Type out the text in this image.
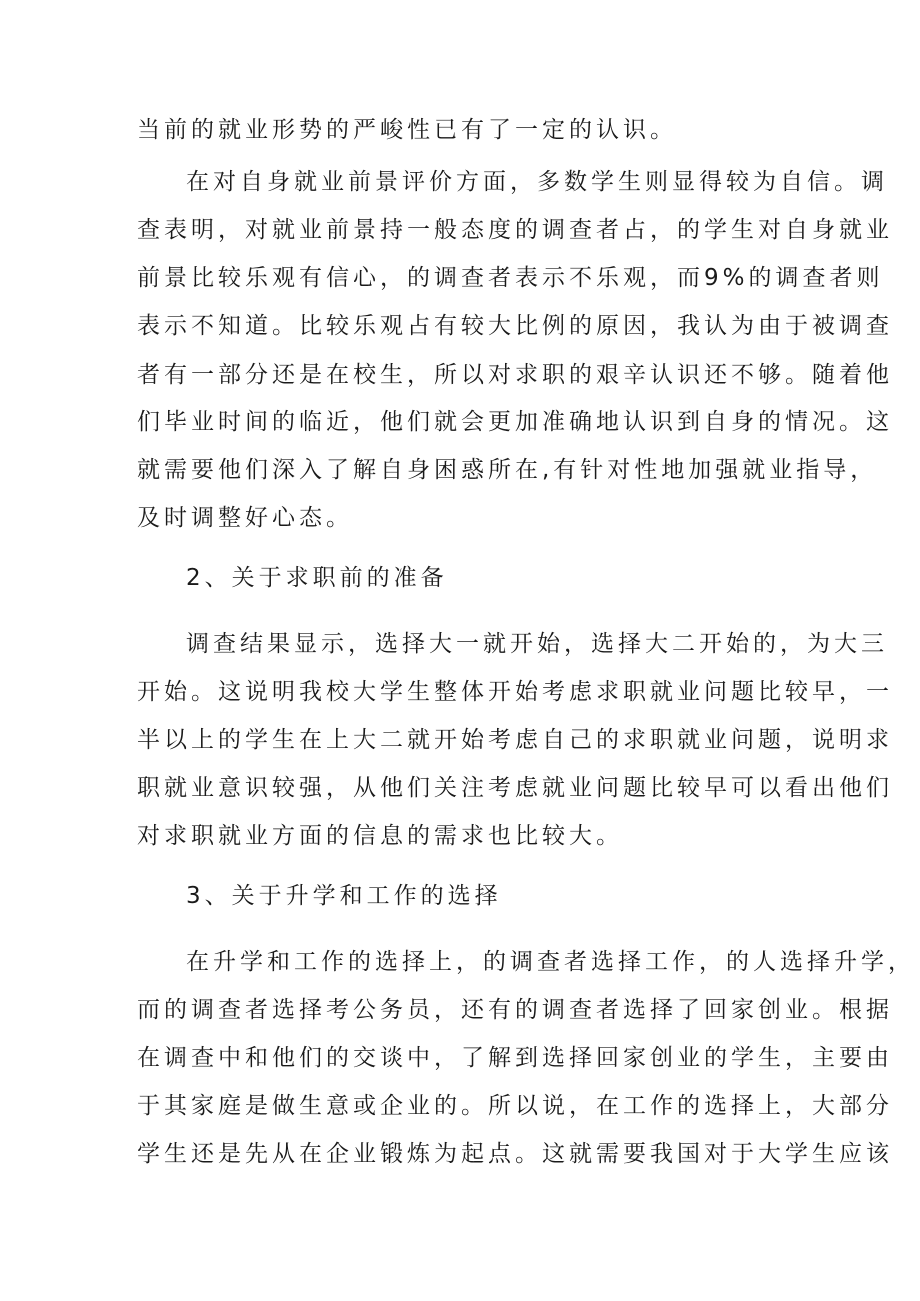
当前的就业形势的严峻性已有了一定的认识。
在对自身就业前景评价方面，多数学生则显得较为自信。调
查表明，对就业前景持一般态度的调查者占，的学生对自身就业
前景比较乐观有信心，的调查者表示不乐观，而9%的调查者则
表示不知道。比较乐观占有较大比例的原因，我认为由于被调查
者有一部分还是在校生，所以对求职的艰辛认识还不够。随着他
们毕业时间的临近，他们就会更加准确地认识到自身的情况。这
就需要他们深入了解自身困惑所在,有针对性地加强就业指导，
及时调整好心态。
2、关于求职前的准备
调查结果显示，选择大一就开始，选择大二开始的，为大三
开始。这说明我校大学生整体开始考虑求职就业问题比较早，一
半以上的学生在上大二就开始考虑自己的求职就业问题，说明求
职就业意识较强，从他们关注考虑就业问题比较早可以看出他们
对求职就业方面的信息的需求也比较大。
3、关于升学和工作的选择
在升学和工作的选择上，的调查者选择工作，的人选择升学，
而的调查者选择考公务员，还有的调查者选择了回家创业。根据
在调查中和他们的交谈中，了解到选择回家创业的学生，主要由
于其家庭是做生意或企业的。所以说，在工作的选择上，大部分
学生还是先从在企业锻炼为起点。这就需要我国对于大学生应该
